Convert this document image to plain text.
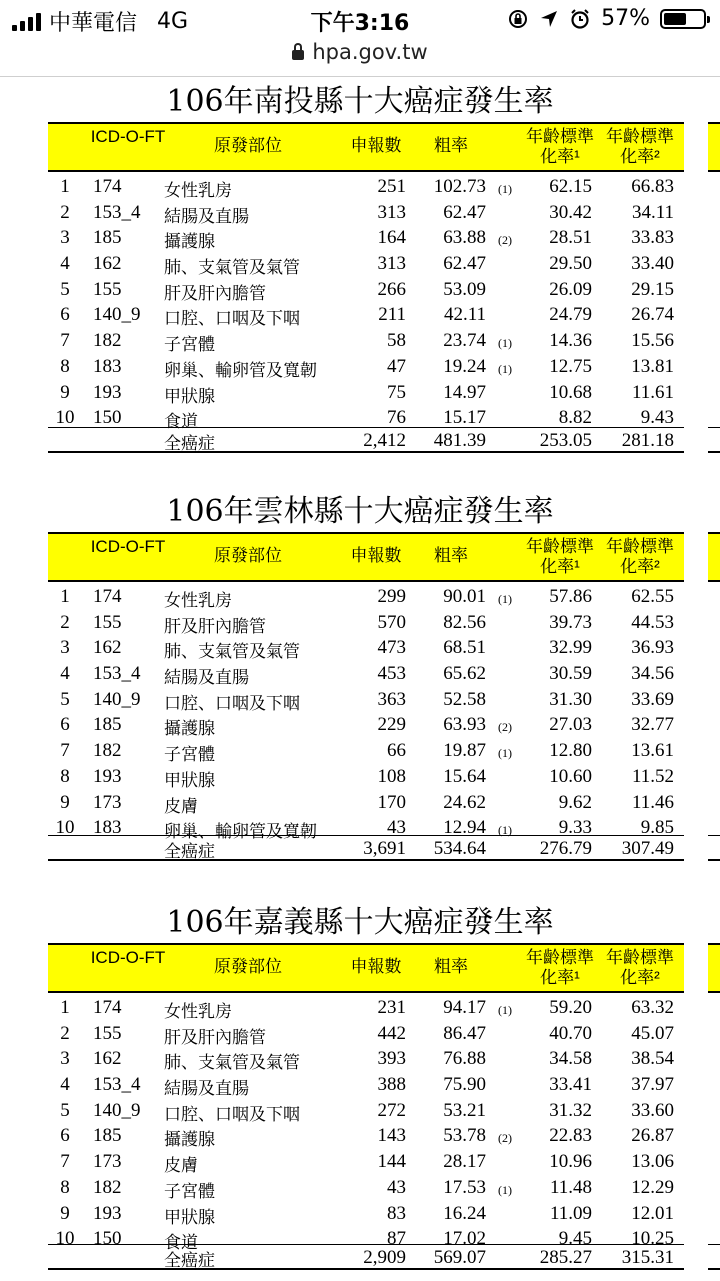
中華電信 4G	下午3:16	57%
hpa.gov.tw
106年南投縣十大癌症發生率
ICD-O-FT	原發部位	申報數	粗率	年齡標準化率¹
年齡標準化率²
1	174	女性乳房	251 102.73 (1) 62.15 66.83
2	153_4 結腸及直腸	313 62.47	30.42 34.11
3	185	攝護腺	164 63.88 (2) 28.51 33.83
4	162	肺、支氣管及氣管	313 62.47	29.50 33.40
5	155	肝及肝內膽管	266 53.09	26.09 29.15
6	140_9 口腔、口咽及下咽	211 42.11	24.79 26.74
7	182	子宮體	58 23.74 (1) 14.36 15.56
8	183	卵巢、輸卵管及寬韌	47 19.24 (1) 12.75 13.81
9	193	甲狀腺	75 14.97	10.68 11.61
10 150	食道	76 15.17	8.82	9.43
全癌症	2,412 481.39	253.05 281.18
106年雲林縣十大癌症發生率
ICD-O-FT	原發部位	申報數	粗率	年齡標準化率¹
年齡標準化率²
1	174	女性乳房	299 90.01 (1) 57.86 62.55
2	155	肝及肝內膽管	570 82.56	39.73 44.53
3	162	肺、支氣管及氣管	473 68.51	32.99 36.93
4	153_4 結腸及直腸	453 65.62	30.59 34.56
5	140_9 口腔、口咽及下咽	363 52.58	31.30 33.69
6	185	攝護腺	229 63.93 (2) 27.03 32.77
7	182	子宮體	66 19.87 (1) 12.80 13.61
8	193	甲狀腺	108 15.64	10.60 11.52
9	173	皮膚	170 24.62	9.62 11.46
10 183	卵巢、輸卵管及寬韌	43 12.94 (1) 9.33	9.85
全癌症	3,691 534.64	276.79 307.49
106年嘉義縣十大癌症發生率
ICD-O-FT	原發部位	申報數	粗率	年齡標準化率¹
年齡標準化率²
1	174	女性乳房	231 94.17 (1) 59.20 63.32
2	155	肝及肝內膽管	442 86.47	40.70 45.07
3	162	肺、支氣管及氣管	393 76.88	34.58 38.54
4	153_4 結腸及直腸	388 75.90	33.41 37.97
5	140_9 口腔、口咽及下咽	272 53.21	31.32 33.60
6	185	攝護腺	143 53.78 (2) 22.83 26.87
7	173	皮膚	144 28.17	10.96 13.06
8	182	子宮體	43 17.53 (1) 11.48 12.29
9	193	甲狀腺	83 16.24	11.09 12.01
10 150	食道	87 17.02	9.45 10.25
全癌症	2,909 569.07	285.27 315.31
